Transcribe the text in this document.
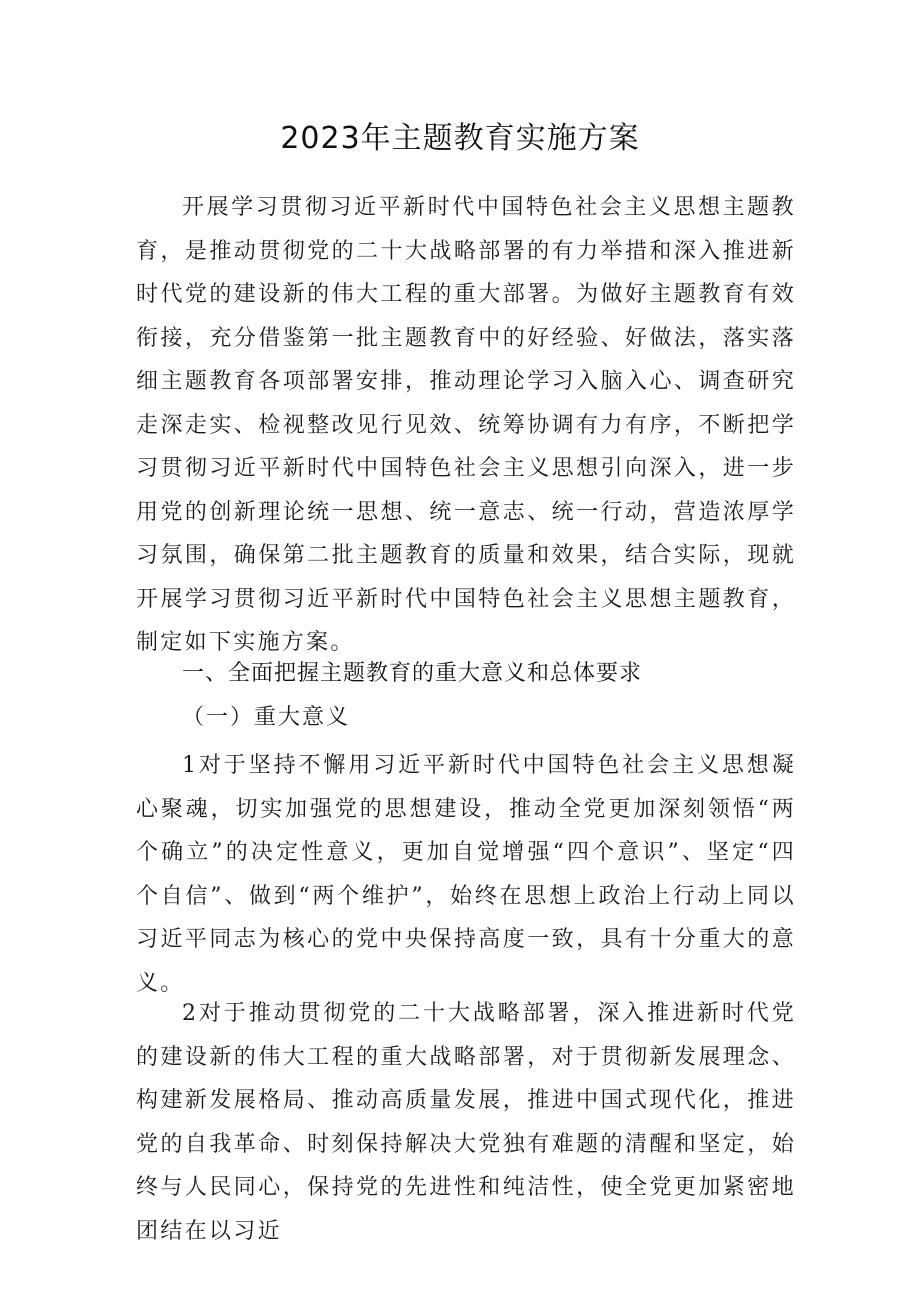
2023年主题教育实施方案

开展学习贯彻习近平新时代中国特色社会主义思想主题教育，是推动贯彻党的二十大战略部署的有力举措和深入推进新时代党的建设新的伟大工程的重大部署。为做好主题教育有效衔接，充分借鉴第一批主题教育中的好经验、好做法，落实落细主题教育各项部署安排，推动理论学习入脑入心、调查研究走深走实、检视整改见行见效、统筹协调有力有序，不断把学习贯彻习近平新时代中国特色社会主义思想引向深入，进一步用党的创新理论统一思想、统一意志、统一行动，营造浓厚学习氛围，确保第二批主题教育的质量和效果，结合实际，现就开展学习贯彻习近平新时代中国特色社会主义思想主题教育，制定如下实施方案。

一、全面把握主题教育的重大意义和总体要求

（一）重大意义

1对于坚持不懈用习近平新时代中国特色社会主义思想凝心聚魂，切实加强党的思想建设，推动全党更加深刻领悟“两个确立”的决定性意义，更加自觉增强“四个意识”、坚定“四个自信”、做到“两个维护”，始终在思想上政治上行动上同以习近平同志为核心的党中央保持高度一致，具有十分重大的意义。

2对于推动贯彻党的二十大战略部署，深入推进新时代党的建设新的伟大工程的重大战略部署，对于贯彻新发展理念、构建新发展格局、推动高质量发展，推进中国式现代化，推进党的自我革命、时刻保持解决大党独有难题的清醒和坚定，始终与人民同心，保持党的先进性和纯洁性，使全党更加紧密地团结在以习近
